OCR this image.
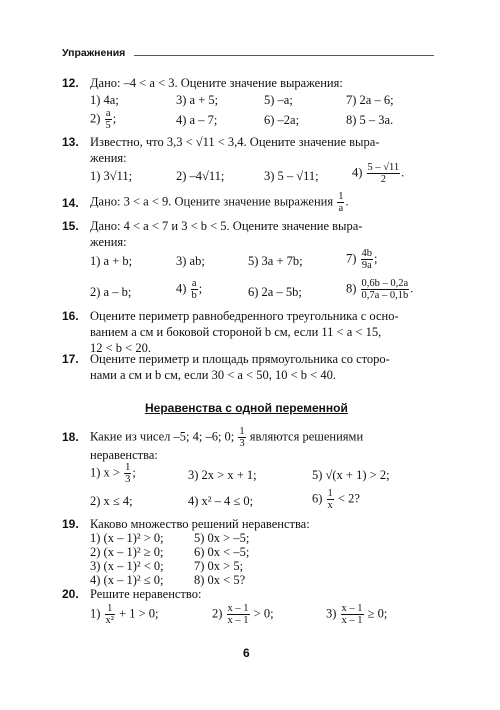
Упражнения
12. Дано: –4 < a < 3. Оцените значение выражения:
1) 4a;	3) a + 5;	5) –a;	7) 2a – 6;
$2) \frac{a}{5}$ ;	4) a – 7;	6) –2a;	8) 5 – 3a.
13. Известно, что 3,3 < √11 < 3,4. Оцените значение выра-
жения:
1) 3√11;	2) –4√11;	3) 5 – √11;	$4) \frac{5 - √11}{2}$ .
14. Дано: 3 < a < 9. Оцените значение выражения $\frac{1}{a}$ .
15. Дано: 4 < a < 7 и 3 < b < 5. Оцените значение выра-
жения:
1) a + b;	3) ab;	5) 3a + 7b;	$7) \frac{4b}{9a}$ ;
2) a – b;	$4) \frac{a}{b}$ ;	6) 2a – 5b;	$8) \frac{0,6b - 0,2a}{0,7a - 0,1b}$ .
16. Оцените периметр равнобедренного треугольника с осно-
ванием a см и боковой стороной b см, если 11 < a < 15,
12 < b < 20.
17. Оцените периметр и площадь прямоугольника со сторо-
нами a см и b см, если 30 < a < 50, 10 < b < 40.
Неравенства с одной переменной
18. Какие из чисел –5; 4; –6; 0; $\frac{1}{3}$ являются решениями
неравенства:
1) $x > \frac{1}{3}$ ;	3) 2x > x + 1;	5) √(x + 1) > 2;
2) x ≤ 4;	4) x² – 4 ≤ 0;	$6) \frac{1}{x} < 2$?
19. Каково множество решений неравенства:
1) (x – 1)² > 0; 5) 0x > –5;
2) (x – 1)² ≥ 0; 6) 0x < –5;
3) (x – 1)² < 0; 7) 0x > 5;
4) (x – 1)² ≤ 0; 8) 0x < 5?
20. Решите неравенство:
$1) \frac{1}{\text{x²}} + 1 > 0$;	$2) \frac{x - 1}{x - 1} > 0$;	$3) \frac{x - 1}{x - 1} \ge 0$;
6
